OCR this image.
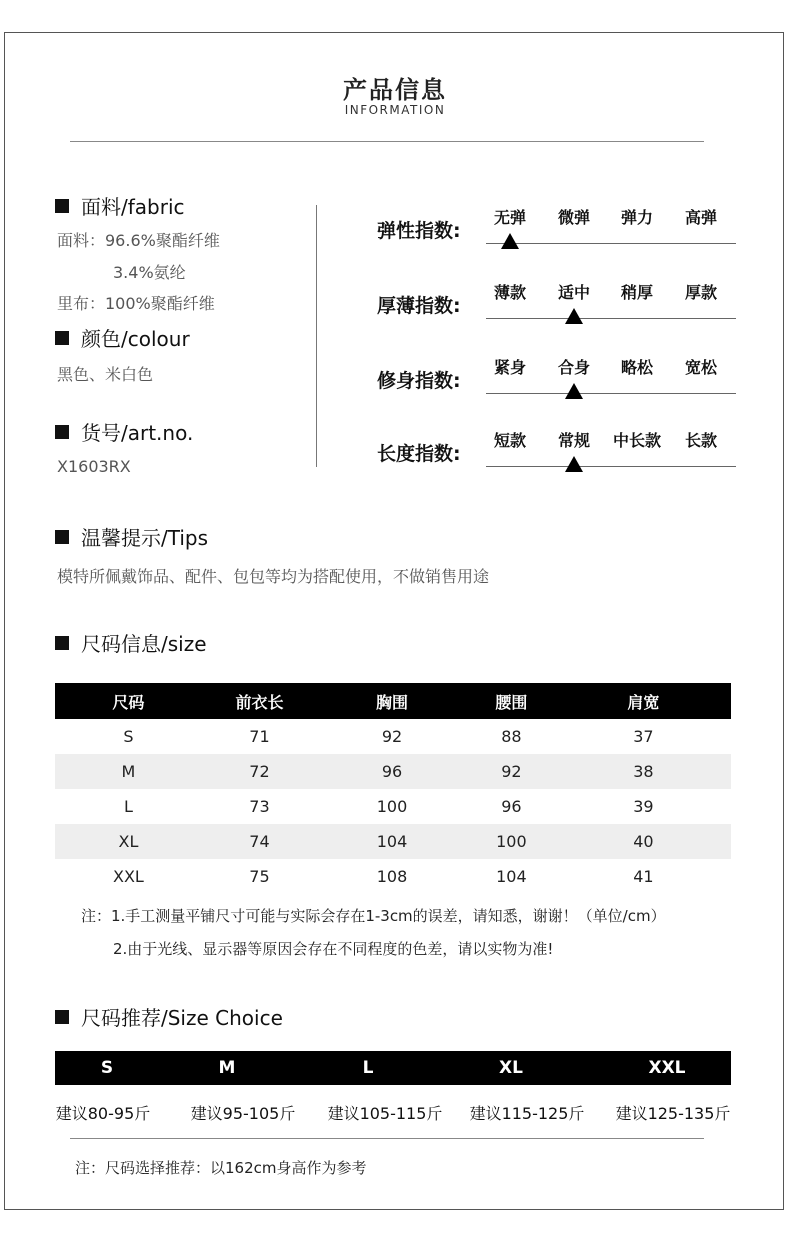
产品信息
INFORMATION
面料/fabric
面料：96.6%聚酯纤维
3.4%氨纶
里布：100%聚酯纤维
颜色/colour
黑色、米白色
货号/art.no.
X1603RX
弹性指数:
无弹	微弹	弹力	高弹
厚薄指数:
薄款	适中	稍厚	厚款
修身指数:
紧身	合身	略松	宽松
长度指数:
短款	常规	中长款	长款
温馨提示/Tips
模特所佩戴饰品、配件、包包等均为搭配使用，不做销售用途
尺码信息/size
尺码	前衣长	胸围	腰围	肩宽
S	71	92	88	37
M	72	96	92	38
L	73	100	96	39
XL	74	104	100	40
XXL	75	108	104	41
注：1.手工测量平铺尺寸可能与实际会存在1-3cm的误差，请知悉，谢谢！（单位/cm）
2.由于光线、显示器等原因会存在不同程度的色差，请以实物为准!
尺码推荐/Size Choice
S	M	L	XL	XXL
建议80-95斤	建议95-105斤	建议105-115斤 建议115-125斤 建议125-135斤
注：尺码选择推荐：以162cm身高作为参考
